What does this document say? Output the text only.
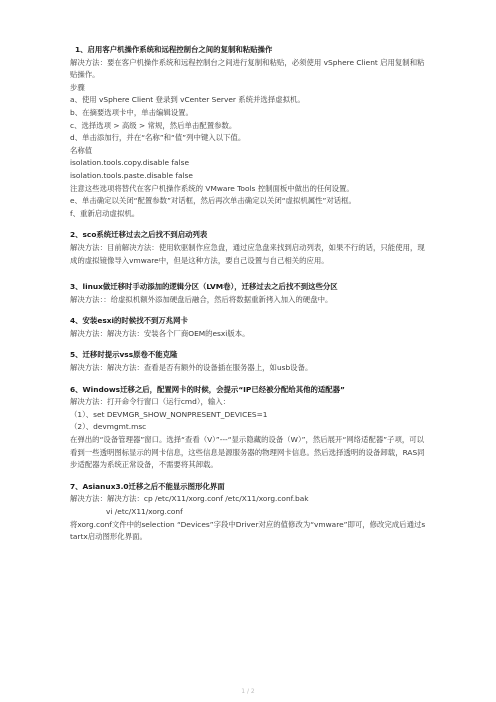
1、启用客户机操作系统和远程控制台之间的复制和粘贴操作
解决方法：要在客户机操作系统和远程控制台之间进行复制和粘贴，必须使用 vSphere Client 启用复制和粘贴操作。
步骤
a、使用 vSphere Client 登录到 vCenter Server 系统并选择虚拟机。
b、在摘要选项卡中，单击编辑设置。
c、选择选项 > 高级 > 常规，然后单击配置参数。
d、单击添加行，并在“名称”和“值”列中键入以下值。
名称值
isolation.tools.copy.disable false
isolation.tools.paste.disable false
注意这些选项将替代在客户机操作系统的 VMware Tools 控制面板中做出的任何设置。
e、单击确定以关闭“配置参数”对话框，然后再次单击确定以关闭“虚拟机属性”对话框。
f、重新启动虚拟机。
2、sco系统迁移过去之后找不到启动列表
解决方法：目前解决方法：使用软驱制作应急盘，通过应急盘来找到启动列表，如果不行的话，只能使用，现成的虚拟镜像导入vmware中，但是这种方法，要自己设置与自己相关的应用。
3、linux做迁移时手动添加的逻辑分区（LVM卷），迁移过去之后找不到这些分区
解决方法：：给虚拟机额外添加硬盘后融合，然后将数据重新拷入加入的硬盘中。
4、安装esxi的时候找不到万兆网卡
解决方法：解决方法：安装各个厂商OEM的esxi版本。
5、迁移时提示vss原卷不能克隆
解决方法：解决方法：查看是否有额外的设备插在服务器上，如usb设备。
6、Windows迁移之后，配置网卡的时候，会提示“IP已经被分配给其他的适配器”
解决方法：打开命令行窗口（运行cmd），输入：
（1）、set DEVMGR_SHOW_NONPRESENT_DEVICES=1
（2）、devmgmt.msc
在弹出的“设备管理器”窗口。选择“查看（V）”---“显示隐藏的设备（W）”，然后展开“网络适配器”子项，可以看到一些透明图标显示的网卡信息，这些信息是源服务器的物理网卡信息。然后选择透明的设备卸载，RAS同步适配器为系统正常设备，不需要将其卸载。
7、Asianux3.0迁移之后不能显示图形化界面
解决方法：解决方法：cp /etc/X11/xorg.conf /etc/X11/xorg.conf.bak
vi /etc/X11/xorg.conf
将xorg.conf文件中的selection “Devices”字段中Driver对应的值修改为“vmware”即可，修改完成后通过startx启动图形化界面。
1 / 2
